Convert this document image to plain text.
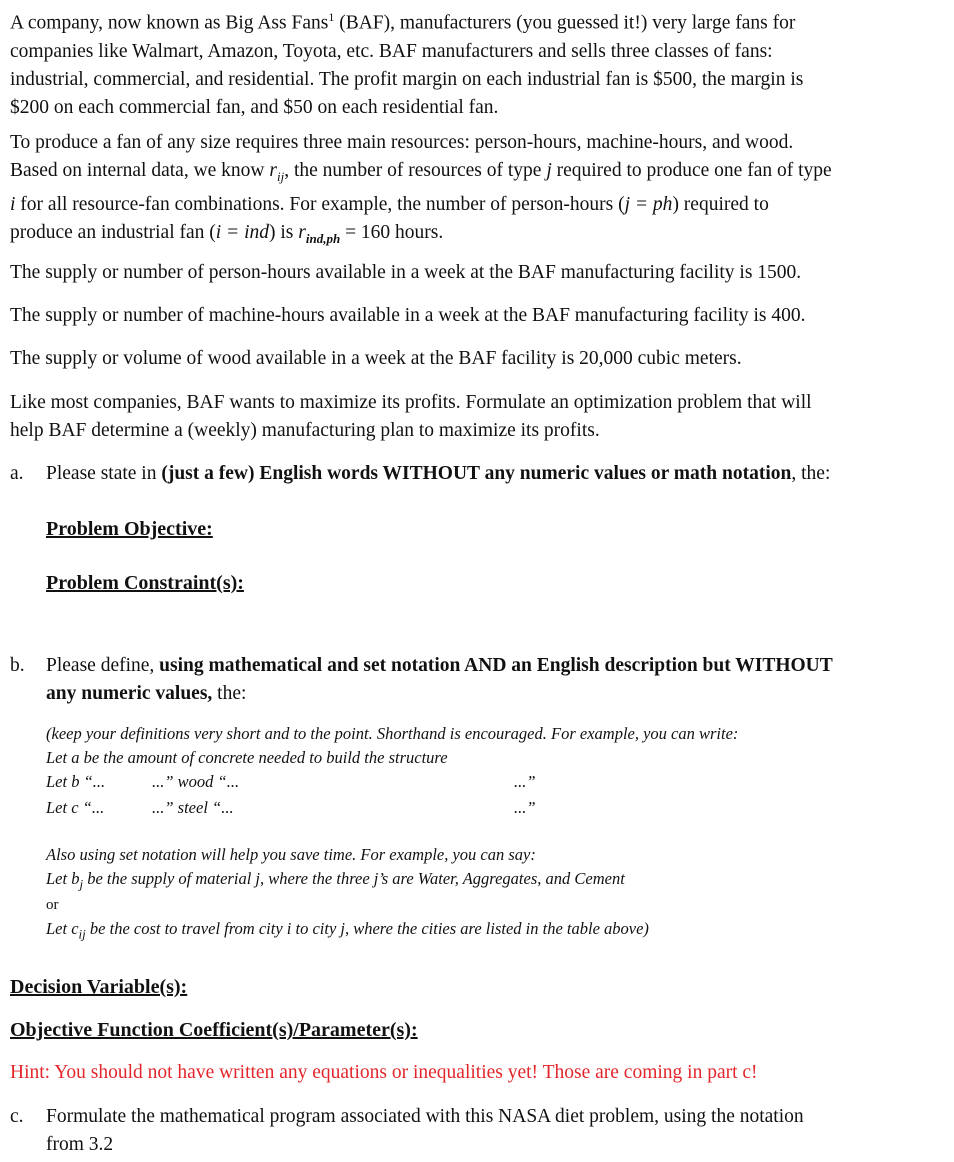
A company, now known as Big Ass Fans$^1$ (BAF), manufacturers (you guessed it!) very large fans for
companies like Walmart, Amazon, Toyota, etc. BAF manufacturers and sells three classes of fans:
industrial, commercial, and residential. The profit margin on each industrial fan is $500, the margin is
$200 on each commercial fan, and $50 on each residential fan.
To produce a fan of any size requires three main resources: person-hours, machine-hours, and wood.
Based on internal data, we know $r_{ij}$, the number of resources of type j required to produce one fan of type
i for all resource-fan combinations. For example, the number of person-hours (j = ph) required to
produce an industrial fan (i = ind) is $r_{ind,ph} = 160$ hours.
The supply or number of person-hours available in a week at the BAF manufacturing facility is 1500.
The supply or number of machine-hours available in a week at the BAF manufacturing facility is 400.
The supply or volume of wood available in a week at the BAF facility is 20,000 cubic meters.
Like most companies, BAF wants to maximize its profits. Formulate an optimization problem that will
help BAF determine a (weekly) manufacturing plan to maximize its profits.
a. Please state in (just a few) English words WITHOUT any numeric values or math notation, the:
Problem Objective:
Problem Constraint(s):
b. Please define, using mathematical and set notation AND an English description but WITHOUT
any numeric values, the:
(keep your definitions very short and to the point. Shorthand is encouraged. For example, you can write:
Let a be the amount of concrete needed to build the structure
Let b “...	...” wood “...	...”
Let c “...	...” steel “...	...”
Also using set notation will help you save time. For example, you can say:
Let $b_j$ be the supply of material j, where the three j’s are Water, Aggregates, and Cement
or
Let $c_{ij}$ be the cost to travel from city i to city j, where the cities are listed in the table above)
Decision Variable(s):
Objective Function Coefficient(s)/Parameter(s):
Hint: You should not have written any equations or inequalities yet! Those are coming in part c!
c. Formulate the mathematical program associated with this NASA diet problem, using the notation
from 3.2
